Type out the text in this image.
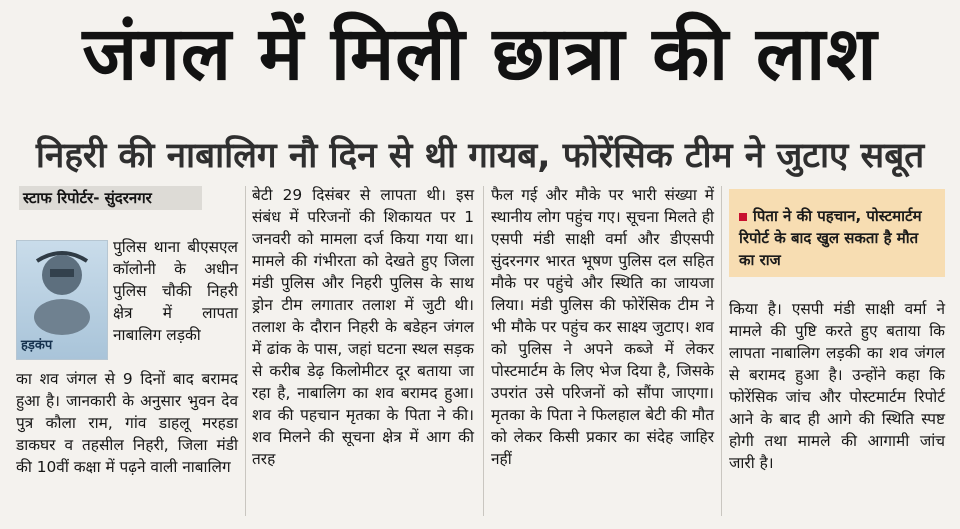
जंगल में मिली छात्रा की लाश
निहरी की नाबालिग नौ दिन से थी गायब, फोरेंसिक टीम ने जुटाए सबूत
स्टाफ रिपोर्टर- सुंदरनगर
हड़कंप

पुलिस थाना बीएसएल कॉलोनी के अधीन पुलिस चौकी निहरी क्षेत्र में लापता नाबालिग लड़की

का शव जंगल से 9 दिनों बाद बरामद हुआ है। जानकारी के अनुसार भुवन देव पुत्र कौला राम, गांव डाहलू मरहडा डाकघर व तहसील निहरी, जिला मंडी की 10वीं कक्षा में पढ़ने वाली नाबालिग

बेटी 29 दिसंबर से लापता थी। इस संबंध में परिजनों की शिकायत पर 1 जनवरी को मामला दर्ज किया गया था। मामले की गंभीरता को देखते हुए जिला मंडी पुलिस और निहरी पुलिस के साथ ड्रोन टीम लगातार तलाश में जुटी थी। तलाश के दौरान निहरी के बडेहन जंगल में ढांक के पास, जहां घटना स्थल सड़क से करीब डेढ़ किलोमीटर दूर बताया जा रहा है, नाबालिग का शव बरामद हुआ। शव की पहचान मृतका के पिता ने की। शव मिलने की सूचना क्षेत्र में आग की तरह

फैल गई और मौके पर भारी संख्या में स्थानीय लोग पहुंच गए। सूचना मिलते ही एसपी मंडी साक्षी वर्मा और डीएसपी सुंदरनगर भारत भूषण पुलिस दल सहित मौके पर पहुंचे और स्थिति का जायजा लिया। मंडी पुलिस की फोरेंसिक टीम ने भी मौके पर पहुंच कर साक्ष्य जुटाए। शव को पुलिस ने अपने कब्जे में लेकर पोस्टमार्टम के लिए भेज दिया है, जिसके उपरांत उसे परिजनों को सौंपा जाएगा। मृतका के पिता ने फिलहाल बेटी की मौत को लेकर किसी प्रकार का संदेह जाहिर नहीं

पिता ने की पहचान, पोस्टमार्टम रिपोर्ट के बाद खुल सकता है मौत का राज

किया है। एसपी मंडी साक्षी वर्मा ने मामले की पुष्टि करते हुए बताया कि लापता नाबालिग लड़की का शव जंगल से बरामद हुआ है। उन्होंने कहा कि फोरेंसिक जांच और पोस्टमार्टम रिपोर्ट आने के बाद ही आगे की स्थिति स्पष्ट होगी तथा मामले की आगामी जांच जारी है।
